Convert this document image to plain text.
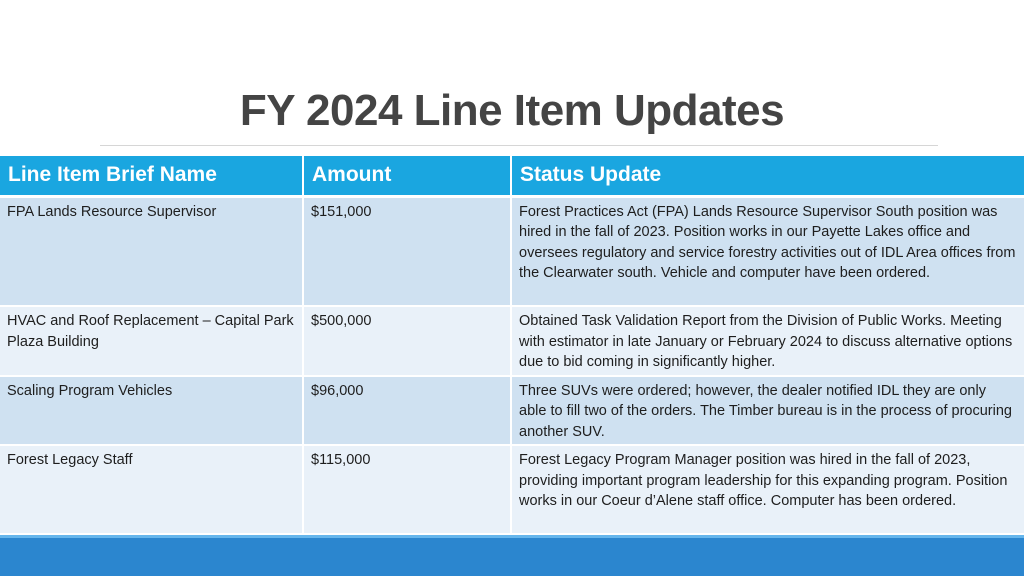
FY 2024 Line Item Updates
Line Item Brief Name	Amount	Status Update
FPA Lands Resource Supervisor	$151,000	Forest Practices Act (FPA) Lands Resource Supervisor South position was hired in the fall of 2023. Position works in our Payette Lakes office and oversees regulatory and service forestry activities out of IDL Area offices from the Clearwater south. Vehicle and computer have been ordered.
HVAC and Roof Replacement – Capital Park Plaza Building	$500,000	Obtained Task Validation Report from the Division of Public Works. Meeting with estimator in late January or February 2024 to discuss alternative options due to bid coming in significantly higher.
Scaling Program Vehicles	$96,000	Three SUVs were ordered; however, the dealer notified IDL they are only able to fill two of the orders. The Timber bureau is in the process of procuring another SUV.
Forest Legacy Staff	$115,000	Forest Legacy Program Manager position was hired in the fall of 2023, providing important program leadership for this expanding program. Position works in our Coeur d’Alene staff office. Computer has been ordered.
